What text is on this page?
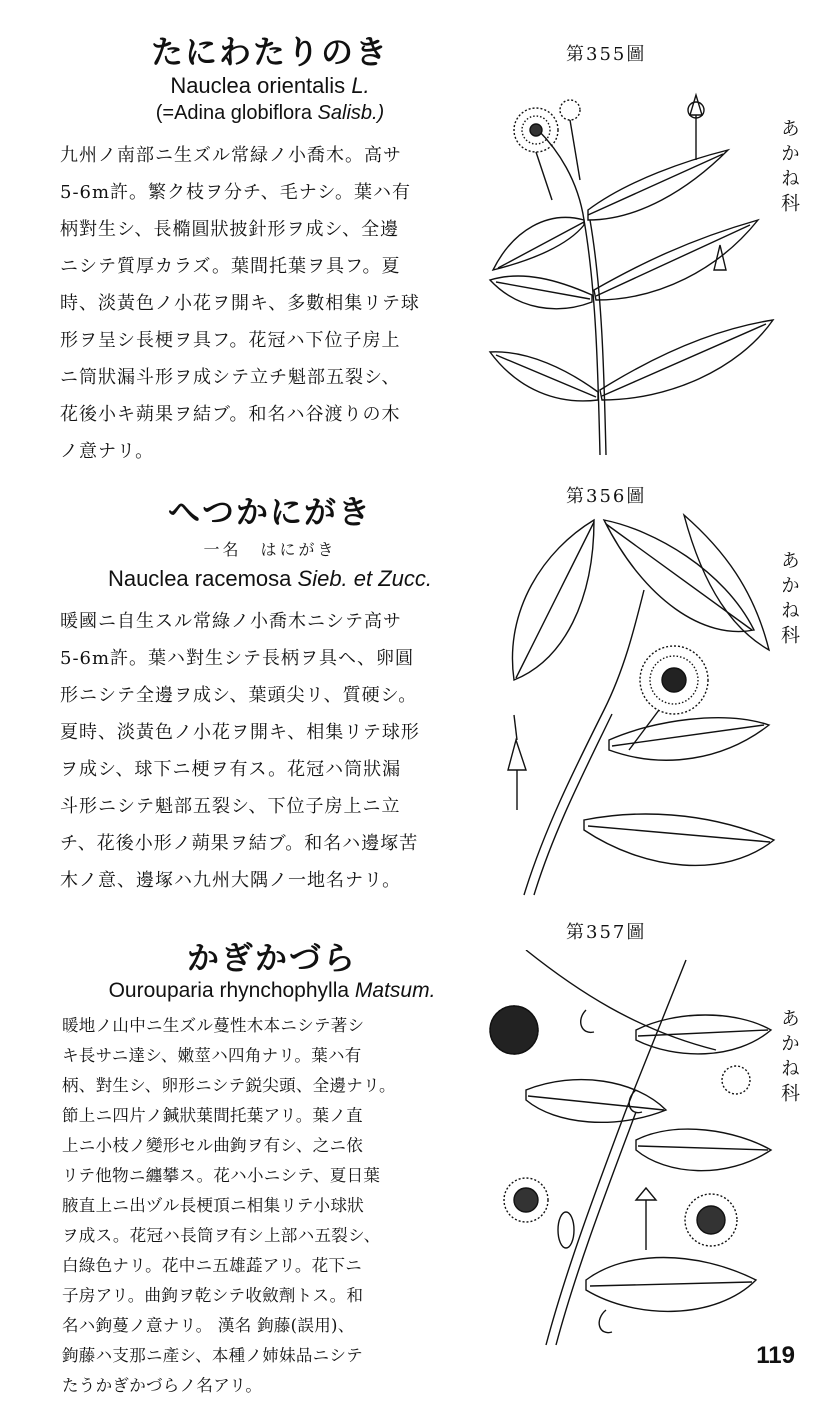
たにわたりのき

Nauclea orientalis L.

(=Adina globiflora Salisb.)

九州ノ南部ニ生ズル常緑ノ小喬木。高サ
5-6m許。繁ク枝ヲ分チ、毛ナシ。葉ハ有
柄對生シ、長橢圓狀披針形ヲ成シ、全邊
ニシテ質厚カラズ。葉間托葉ヲ具フ。夏
時、淡黃色ノ小花ヲ開キ、多數相集リテ球
形ヲ呈シ長梗ヲ具フ。花冠ハ下位子房上
ニ筒狀漏斗形ヲ成シテ立チ魁部五裂シ、
花後小キ蒴果ヲ結ブ。和名ハ谷渡りの木
ノ意ナリ。
第355圖
あかね科
へつかにがき

一名　はにがき

Nauclea racemosa Sieb. et Zucc.

暖國ニ自生スル常綠ノ小喬木ニシテ高サ
5-6m許。葉ハ對生シテ長柄ヲ具ヘ、卵圓
形ニシテ全邊ヲ成シ、葉頭尖リ、質硬シ。
夏時、淡黃色ノ小花ヲ開キ、相集リテ球形
ヲ成シ、球下ニ梗ヲ有ス。花冠ハ筒狀漏
斗形ニシテ魁部五裂シ、下位子房上ニ立
チ、花後小形ノ蒴果ヲ結ブ。和名ハ邊塚苦
木ノ意、邊塚ハ九州大隅ノ一地名ナリ。
第356圖
あかね科
かぎかづら

Ourouparia rhynchophylla Matsum.

暖地ノ山中ニ生ズル蔓性木本ニシテ著シ
キ長サニ達シ、嫩莖ハ四角ナリ。葉ハ有
柄、對生シ、卵形ニシテ鋭尖頭、全邊ナリ。
節上ニ四片ノ鍼狀葉間托葉アリ。葉ノ直
上ニ小枝ノ變形セル曲鉤ヲ有シ、之ニ依
リテ他物ニ纏攀ス。花ハ小ニシテ、夏日葉
腋直上ニ出ヅル長梗頂ニ相集リテ小球狀
ヲ成ス。花冠ハ長筒ヲ有シ上部ハ五裂シ、
白綠色ナリ。花中ニ五雄蕋アリ。花下ニ
子房アリ。曲鉤ヲ乾シテ收斂劑トス。和
名ハ鉤蔓ノ意ナリ。 漢名 鉤藤(誤用)、
鉤藤ハ支那ニ產シ、本種ノ姉妹品ニシテ
たうかぎかづらノ名アリ。
第357圖
あかね科
119
